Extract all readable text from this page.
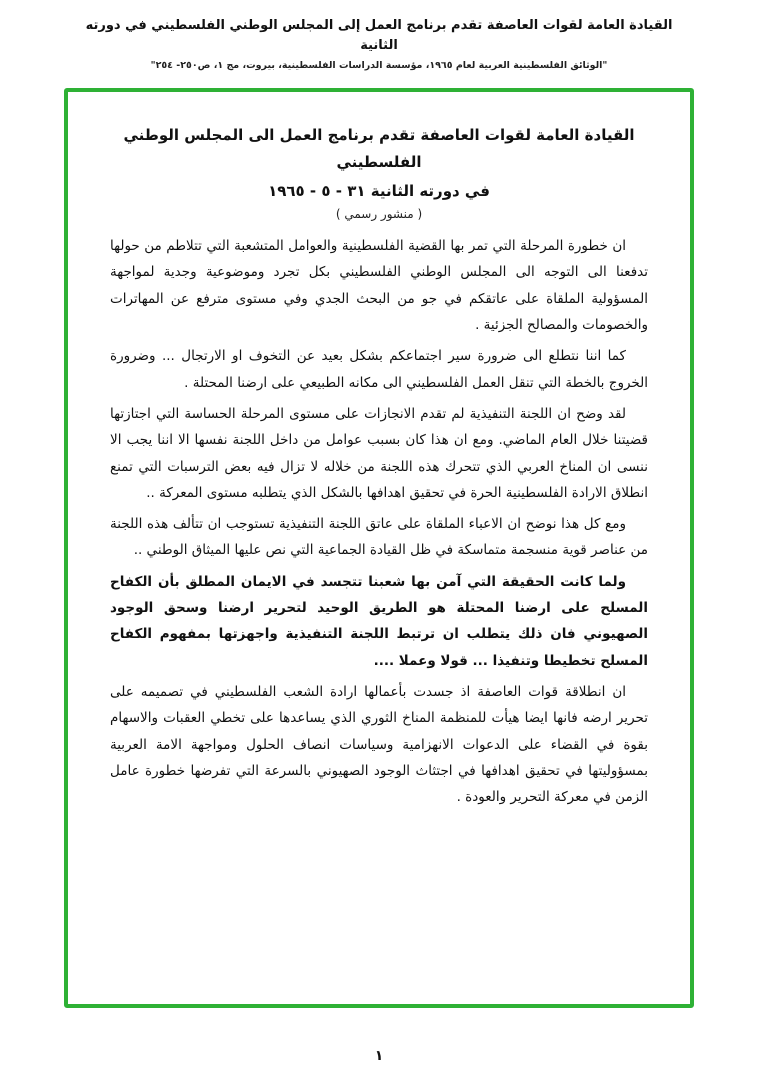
القيادة العامة لقوات العاصفة تقدم برنامج العمل إلى المجلس الوطني الفلسطيني في دورته الثانية
"الوثائق الفلسطينية العربية لعام ١٩٦٥، مؤسسة الدراسات الفلسطينية، بيروت، مج ١، ص٢٥٠- ٢٥٤"
القيادة العامة لقوات العاصفة تقدم برنامج العمل الى المجلس الوطني الفلسطيني
في دورته الثانية ٣١ - ٥ - ١٩٦٥
( منشور رسمي )

ان خطورة المرحلة التي تمر بها القضية الفلسطينية والعوامل المتشعبة التي تتلاطم من حولها تدفعنا الى التوجه الى المجلس الوطني الفلسطيني بكل تجرد وموضوعية وجدية لمواجهة المسؤولية الملقاة على عاتقكم في جو من البحث الجدي وفي مستوى مترفع عن المهاترات والخصومات والمصالح الجزئية .

كما اننا نتطلع الى ضرورة سير اجتماعكم بشكل بعيد عن التخوف او الارتجال ... وضرورة الخروج بالخطة التي تنقل العمل الفلسطيني الى مكانه الطبيعي على ارضنا المحتلة .

لقد وضح ان اللجنة التنفيذية لم تقدم الانجازات على مستوى المرحلة الحساسة التي اجتازتها قضيتنا خلال العام الماضي. ومع ان هذا كان بسبب عوامل من داخل اللجنة نفسها الا اننا يجب الا ننسى ان المناخ العربي الذي تتحرك هذه اللجنة من خلاله لا تزال فيه بعض الترسبات التي تمنع انطلاق الارادة الفلسطينية الحرة في تحقيق اهدافها بالشكل الذي يتطلبه مستوى المعركة ..

ومع كل هذا نوضح ان الاعباء الملقاة على عاتق اللجنة التنفيذية تستوجب ان تتألف هذه اللجنة من عناصر قوية منسجمة متماسكة في ظل القيادة الجماعية التي نص عليها الميثاق الوطني ..

ولما كانت الحقيقة التي آمن بها شعبنا تتجسد في الايمان المطلق بأن الكفاح المسلح على ارضنا المحتلة هو الطريق الوحيد لتحرير ارضنا وسحق الوجود الصهيوني فان ذلك يتطلب ان ترتبط اللجنة التنفيذية واجهزتها بمفهوم الكفاح المسلح تخطيطا وتنفيذا ... قولا وعملا ....

ان انطلاقة قوات العاصفة اذ جسدت بأعمالها ارادة الشعب الفلسطيني في تصميمه على تحرير ارضه فانها ايضا هيأت للمنظمة المناخ الثوري الذي يساعدها على تخطي العقبات والاسهام بقوة في القضاء على الدعوات الانهزامية وسياسات انصاف الحلول ومواجهة الامة العربية بمسؤوليتها في تحقيق اهدافها في اجتثاث الوجود الصهيوني بالسرعة التي تفرضها خطورة عامل الزمن في معركة التحرير والعودة .

١
